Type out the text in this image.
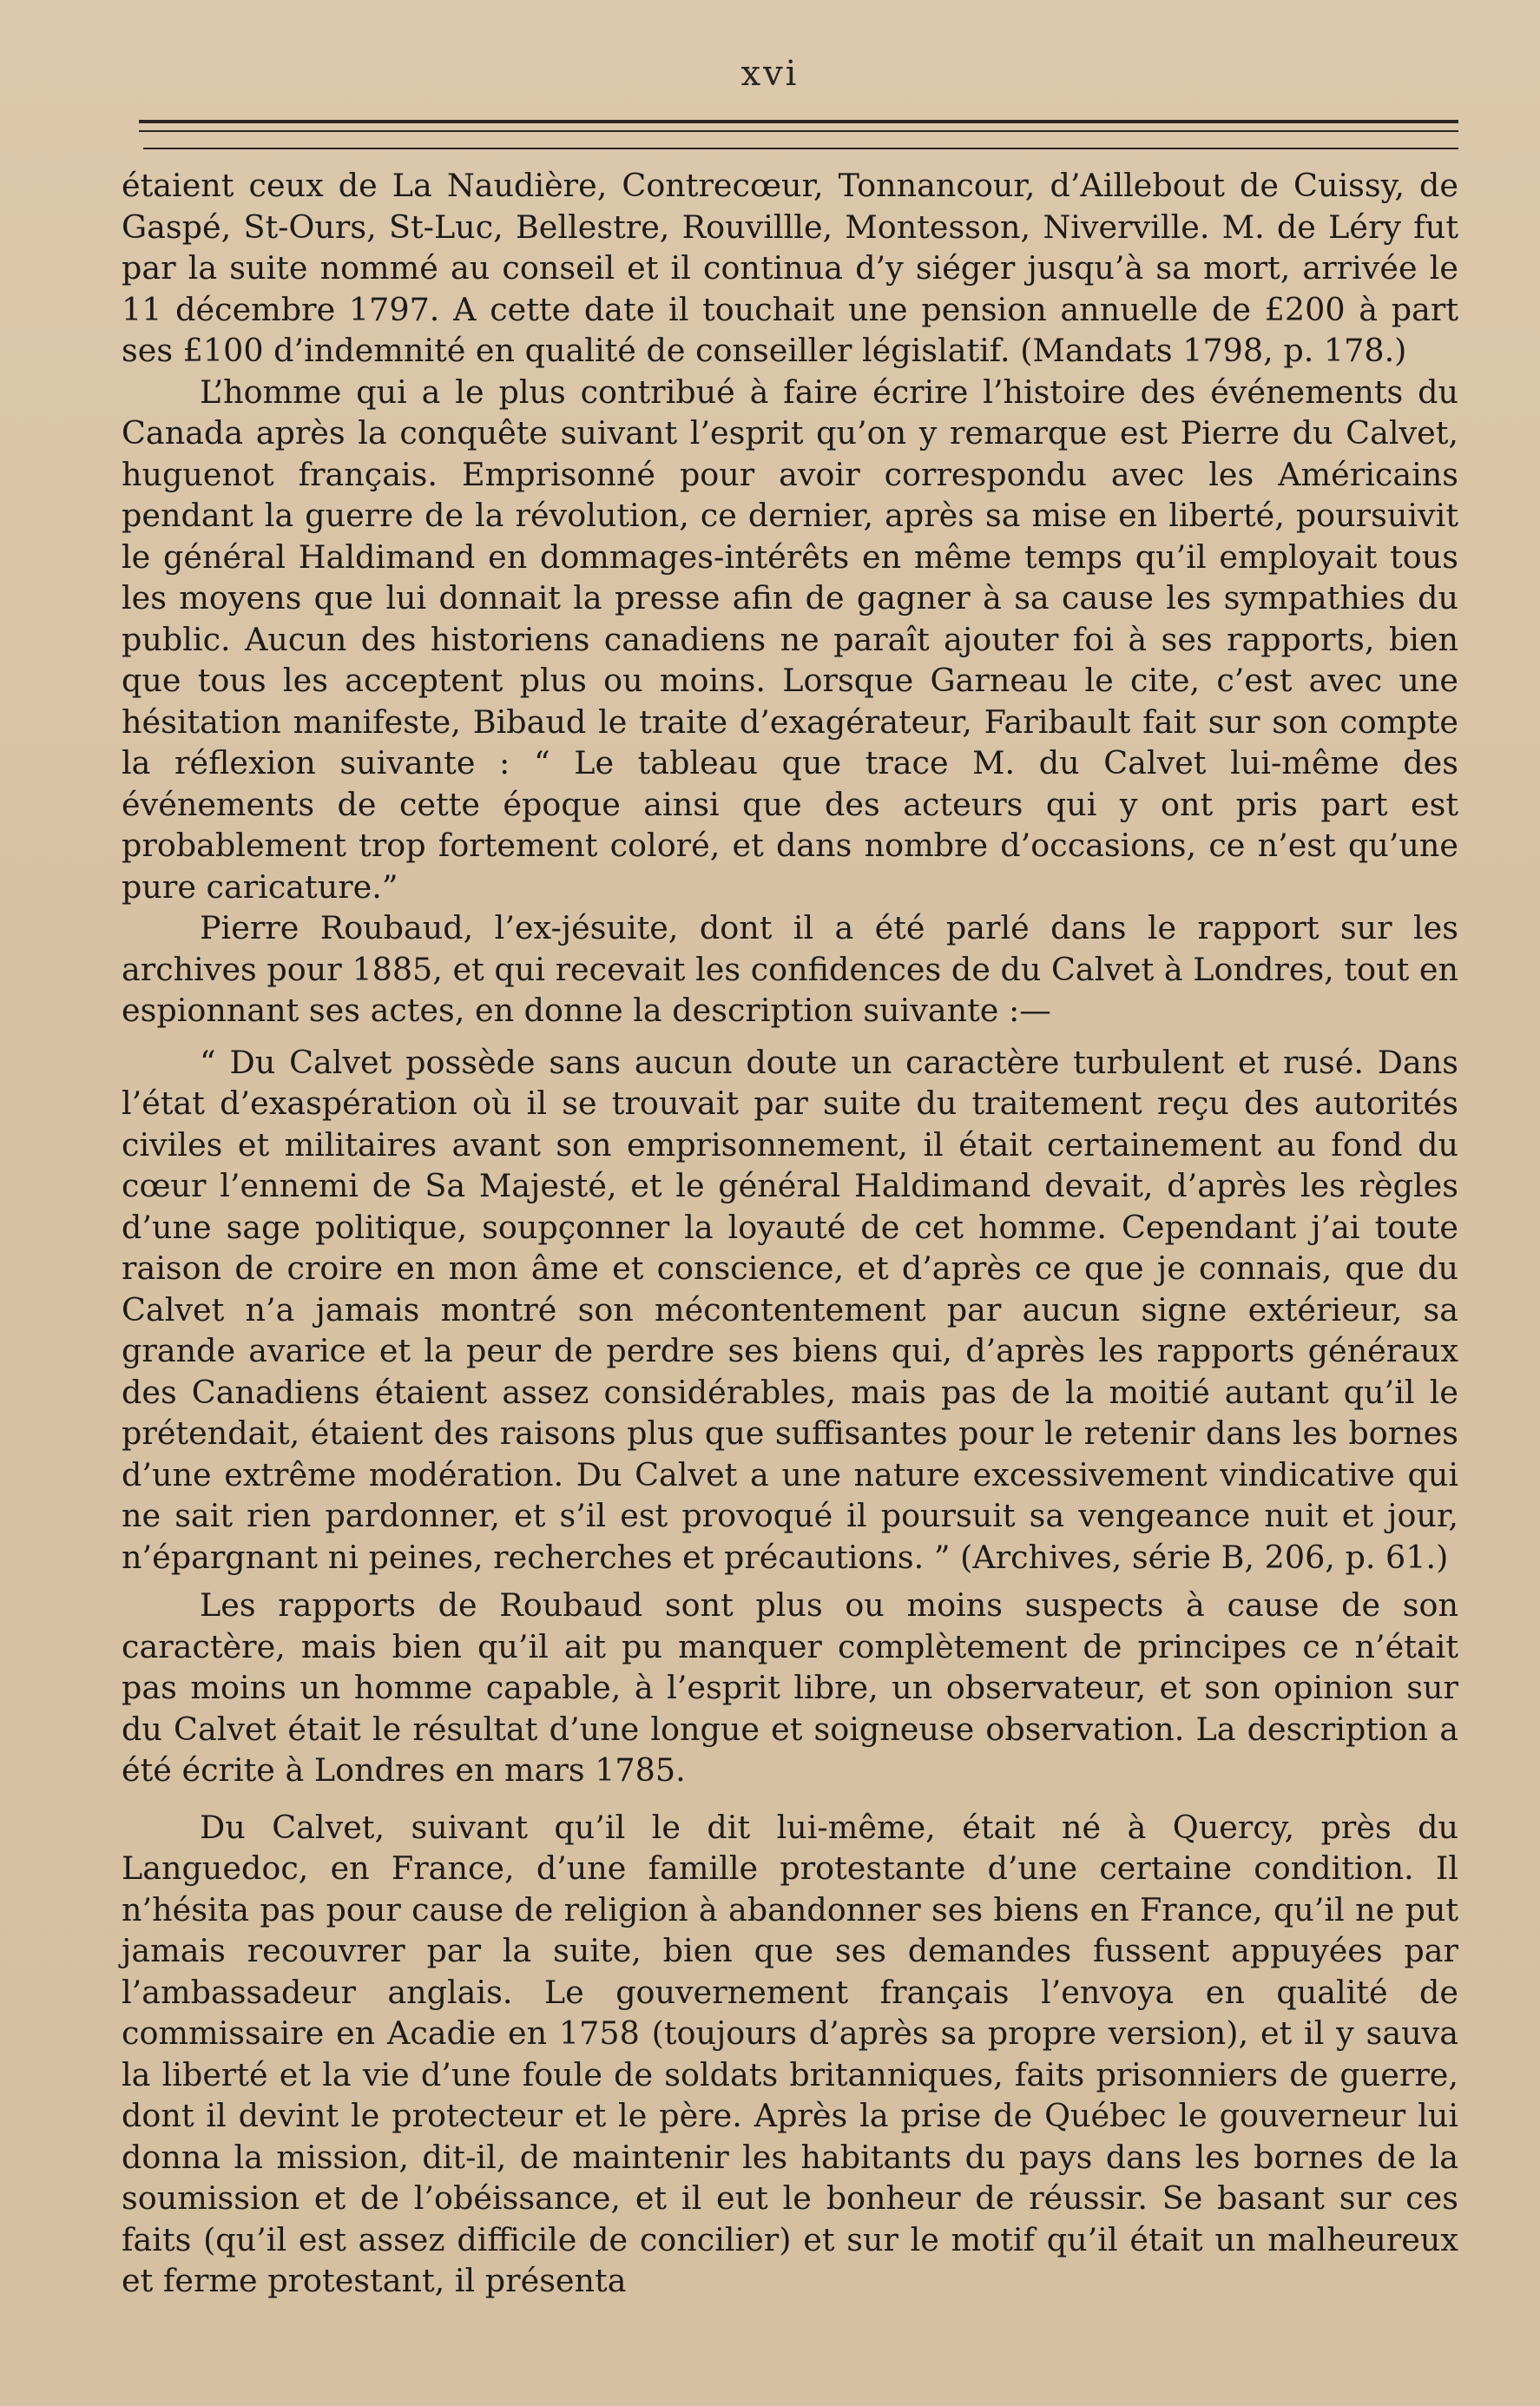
xvi

étaient ceux de La Naudière, Contrecœur, Tonnancour, d’Aillebout de Cuissy, de Gaspé, St-Ours, St-Luc, Bellestre, Rouvillle, Montesson, Niverville. M. de Léry fut par la suite nommé au conseil et il continua d’y siéger jusqu’à sa mort, arrivée le 11 décembre 1797. A cette date il touchait une pension annuelle de £200 à part ses £100 d’indemnité en qualité de conseiller législatif. (Mandats 1798, p. 178.)

L’homme qui a le plus contribué à faire écrire l’histoire des événements du Canada après la conquête suivant l’esprit qu’on y remarque est Pierre du Calvet, huguenot français. Emprisonné pour avoir correspondu avec les Américains pendant la guerre de la révolution, ce dernier, après sa mise en liberté, poursuivit le général Haldimand en dommages-intérêts en même temps qu’il employait tous les moyens que lui donnait la presse afin de gagner à sa cause les sympathies du public. Aucun des historiens canadiens ne paraît ajouter foi à ses rapports, bien que tous les acceptent plus ou moins. Lorsque Garneau le cite, c’est avec une hésitation manifeste, Bibaud le traite d’exagérateur, Faribault fait sur son compte la réflexion suivante : “ Le tableau que trace M. du Calvet lui-même des événements de cette époque ainsi que des acteurs qui y ont pris part est probablement trop fortement coloré, et dans nombre d’occasions, ce n’est qu’une pure caricature.”

Pierre Roubaud, l’ex-jésuite, dont il a été parlé dans le rapport sur les archives pour 1885, et qui recevait les confidences de du Calvet à Londres, tout en espionnant ses actes, en donne la description suivante :—

“ Du Calvet possède sans aucun doute un caractère turbulent et rusé. Dans l’état d’exaspération où il se trouvait par suite du traitement reçu des autorités civiles et militaires avant son emprisonnement, il était certainement au fond du cœur l’ennemi de Sa Majesté, et le général Haldimand devait, d’après les règles d’une sage politique, soupçonner la loyauté de cet homme. Cependant j’ai toute raison de croire en mon âme et conscience, et d’après ce que je connais, que du Calvet n’a jamais montré son mécontentement par aucun signe extérieur, sa grande avarice et la peur de perdre ses biens qui, d’après les rapports généraux des Canadiens étaient assez considérables, mais pas de la moitié autant qu’il le prétendait, étaient des raisons plus que suffisantes pour le retenir dans les bornes d’une extrême modération. Du Calvet a une nature excessivement vindicative qui ne sait rien pardonner, et s’il est provoqué il poursuit sa vengeance nuit et jour, n’épargnant ni peines, recherches et précautions. ” (Archives, série B, 206, p. 61.)

Les rapports de Roubaud sont plus ou moins suspects à cause de son caractère, mais bien qu’il ait pu manquer complètement de principes ce n’était pas moins un homme capable, à l’esprit libre, un observateur, et son opinion sur du Calvet était le résultat d’une longue et soigneuse observation. La description a été écrite à Londres en mars 1785.

Du Calvet, suivant qu’il le dit lui-même, était né à Quercy, près du Languedoc, en France, d’une famille protestante d’une certaine condition. Il n’hésita pas pour cause de religion à abandonner ses biens en France, qu’il ne put jamais recouvrer par la suite, bien que ses demandes fussent appuyées par l’ambassadeur anglais. Le gouvernement français l’envoya en qualité de commissaire en Acadie en 1758 (toujours d’après sa propre version), et il y sauva la liberté et la vie d’une foule de soldats britanniques, faits prisonniers de guerre, dont il devint le protecteur et le père. Après la prise de Québec le gouverneur lui donna la mission, dit-il, de maintenir les habitants du pays dans les bornes de la soumission et de l’obéissance, et il eut le bonheur de réussir. Se basant sur ces faits (qu’il est assez difficile de concilier) et sur le motif qu’il était un malheureux et ferme protestant, il présenta
